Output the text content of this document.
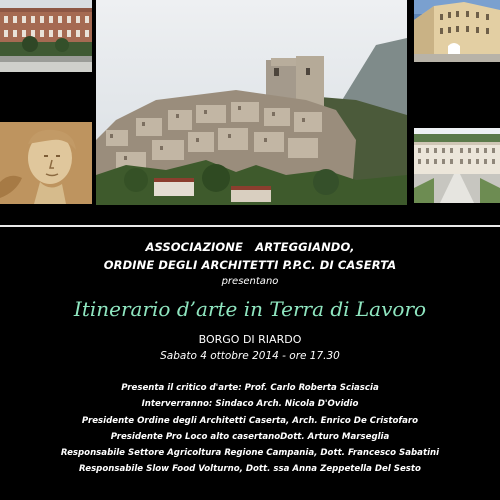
ASSOCIAZIONE   ARTEGGIANDO,
ORDINE DEGLI ARCHITETTI P.P.C. DI CASERTA
presentano
Itinerario d’arte in Terra di Lavoro
BORGO DI RIARDO
Sabato 4 ottobre 2014 - ore 17.30
Presenta il critico d'arte: Prof. Carlo Roberta Sciascia
Interverranno: Sindaco Arch. Nicola D'Ovidio
Presidente Ordine degli Architetti Caserta, Arch. Enrico De Cristofaro
Presidente Pro Loco alto casertanoDott. Arturo Marseglia
Responsabile Settore Agricoltura Regione Campania, Dott. Francesco Sabatini
Responsabile Slow Food Volturno, Dott. ssa Anna Zeppetella Del Sesto
